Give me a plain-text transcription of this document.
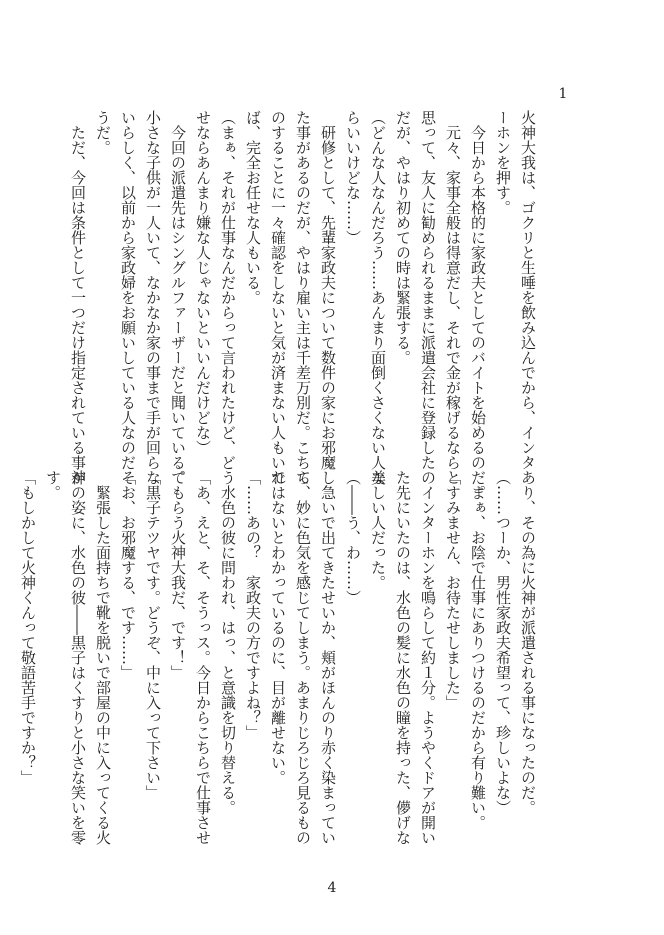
1

火神大我は、ゴクリと生唾を飲み込んでから、インタ

ーホンを押す。

　今日から本格的に家政夫としてのバイトを始めるのだ。

　元々、家事全般は得意だし、それで金が稼げるならと

思って、友人に勧められるままに派遣会社に登録したの

だが、やはり初めての時は緊張する。

（どんな人なんだろう……あんまり面倒くさくない人な

らいいけどな……）

　研修として、先輩家政夫について数件の家にお邪魔し

た事があるのだが、やはり雇い主は千差万別だ。こちら

のすることに一々確認をしないと気が済まない人もいれ

ば、完全お任せな人もいる。

（まぁ、それが仕事なんだからって言われたけど、どう

せならあんまり嫌な人じゃないといいんだけどな）

　今回の派遣先はシングルファーザーだと聞いている。

小さな子供が一人いて、なかなか家の事まで手が回らな

いらしく、以前から家政婦をお願いしている人なのだそ

うだ。

　ただ、今回は条件として一つだけ指定されている事が

あり、その為に火神が派遣される事になったのだ。

（……つーか、男性家政夫希望って、珍しいよな）

　まぁ、お陰で仕事にありつけるのだから有り難い。

「すみません、お待たせしました」

　インターホンを鳴らして約１分。ようやくドアが開い

た先にいたのは、水色の髪に水色の瞳を持った、儚げな

美しい人だった。

（――う、わ……）

　急いで出てきたせいか、頬がほんのり赤く染まってい

て、妙に色気を感じてしまう。あまりじろじろ見るもの

ではないとわかっているのに、目が離せない。

「……あの？　家政夫の方ですよね？」

　水色の彼に問われ、はっ、と意識を切り替える。

「あ、えと、そ、そうっス。今日からこちらで仕事させ

てもらう火神大我だ、です！」

「黒子テツヤです。どうぞ、中に入って下さい」

「お、お邪魔する、です……」

　緊張した面持ちで靴を脱いで部屋の中に入ってくる火

神の姿に、水色の彼――黒子はくすりと小さな笑いを零

す。

「もしかして火神くんって敬語苦手ですか？」

4
